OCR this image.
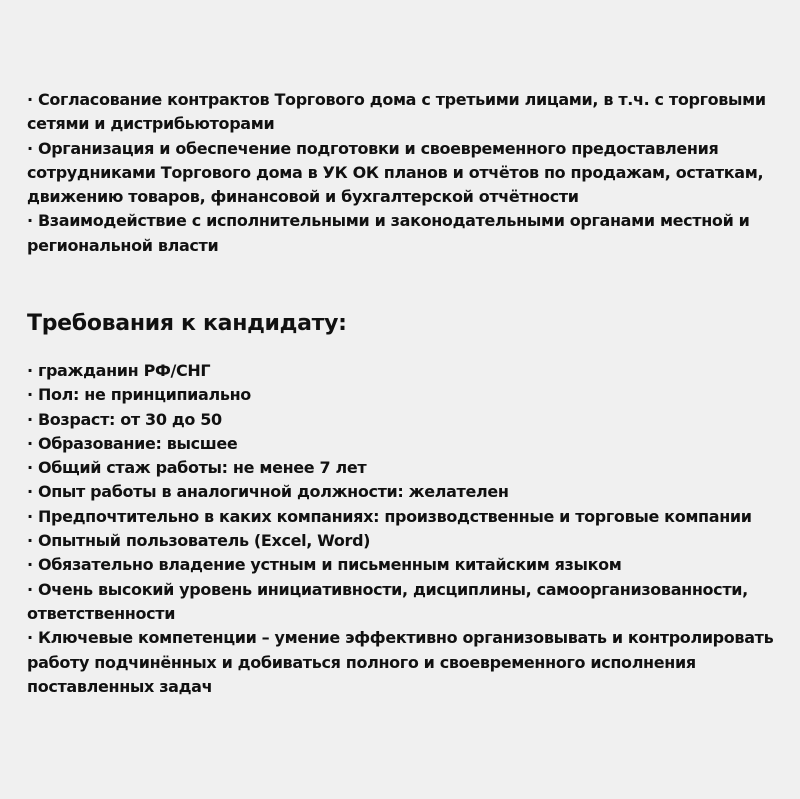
· Согласование контрактов Торгового дома с третьими лицами, в т.ч. с торговыми
сетями и дистрибьюторами
· Организация и обеспечение подготовки и своевременного предоставления
сотрудниками Торгового дома в УК ОК планов и отчётов по продажам, остаткам,
движению товаров, финансовой и бухгалтерской отчётности
· Взаимодействие с исполнительными и законодательными органами местной и
региональной власти
Требования к кандидату:
· гражданин РФ/СНГ
· Пол: не принципиально
· Возраст: от 30 до 50
· Образование: высшее
· Общий стаж работы: не менее 7 лет
· Опыт работы в аналогичной должности: желателен
· Предпочтительно в каких компаниях: производственные и торговые компании
· Опытный пользователь (Excel, Word)
· Обязательно владение устным и письменным китайским языком
· Очень высокий уровень инициативности, дисциплины, самоорганизованности,
ответственности
· Ключевые компетенции – умение эффективно организовывать и контролировать
работу подчинённых и добиваться полного и своевременного исполнения
поставленных задач
